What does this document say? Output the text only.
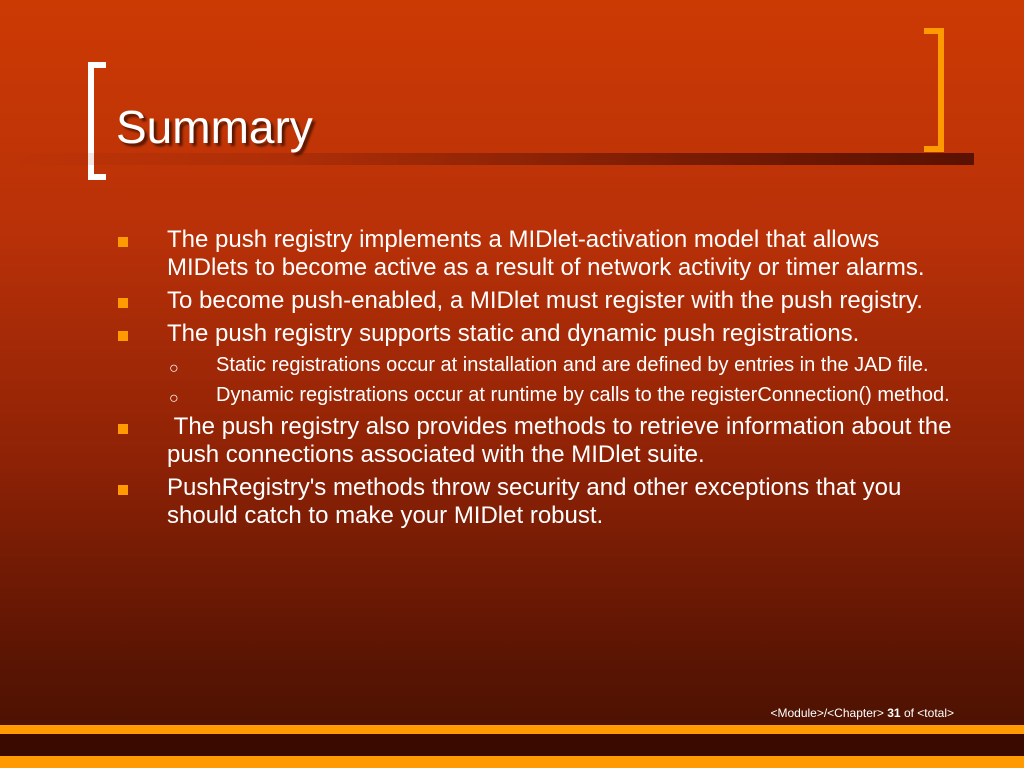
Summary
The push registry implements a MIDlet-activation model that allows MIDlets to become active as a result of network activity or timer alarms.
To become push-enabled, a MIDlet must register with the push registry.
The push registry supports static and dynamic push registrations.
○ Static registrations occur at installation and are defined by entries in the JAD file.
○ Dynamic registrations occur at runtime by calls to the registerConnection() method.
The push registry also provides methods to retrieve information about the push connections associated with the MIDlet suite.
PushRegistry's methods throw security and other exceptions that you should catch to make your MIDlet robust.
<Module>/<Chapter> 31 of <total>
